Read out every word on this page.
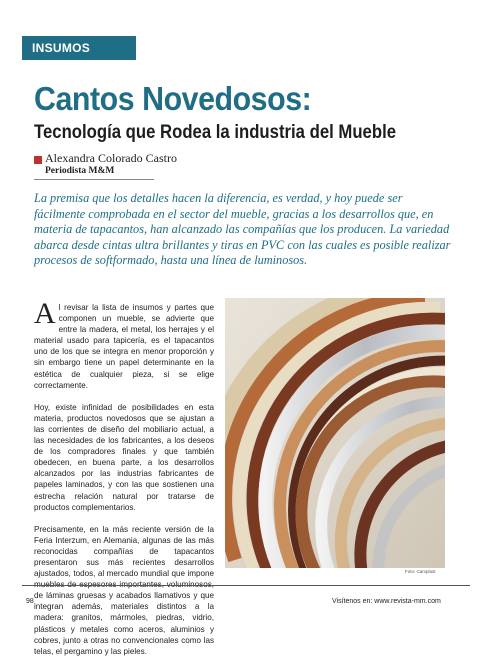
INSUMOS
Cantos Novedosos:
Tecnología que Rodea la industria del Mueble
Alexandra Colorado Castro
Periodista M&M

La premisa que los detalles hacen la diferencia, es verdad, y hoy puede ser fácilmente comprobada en el sector del mueble, gracias a los desarrollos que, en materia de tapacantos, han alcanzado las compañías que los producen. La variedad abarca desde cintas ultra brillantes y tiras en PVC con las cuales es posible realizar procesos de softformado, hasta una línea de luminosos.

Al revisar la lista de insumos y partes que componen un mueble, se advierte que entre la madera, el metal, los herrajes y el material usado para tapicería, es el tapacantos uno de los que se integra en menor proporción y sin embargo tiene un papel determinante en la estética de cualquier pieza, si se elige correctamente.

Hoy, existe infinidad de posibilidades en esta materia, productos novedosos que se ajustan a las corrientes de diseño del mobiliario actual, a las necesidades de los fabricantes, a los deseos de los compradores finales y que también obedecen, en buena parte, a los desarrollos alcanzados por las industrias fabricantes de papeles laminados, y con las que sostienen una estrecha relación natural por tratarse de productos complementarios.

Precisamente, en la más reciente versión de la Feria Interzum, en Alemania, algunas de las más reconocidas compañías de tapacantos presentaron sus más recientes desarrollos ajustados, todos, al mercado mundial que impone de láminas gruesas y acabados llamativos y que integran además, materiales distintos a la madera: granitos, mármoles, piedras, vidrio, plásticos y metales como aceros, aluminios y cobres, junto a otras no convencionales como las telas, el pergamino y las pieles.

Foto: Camplast
98	Visítenos en: www.revista-mm.com
